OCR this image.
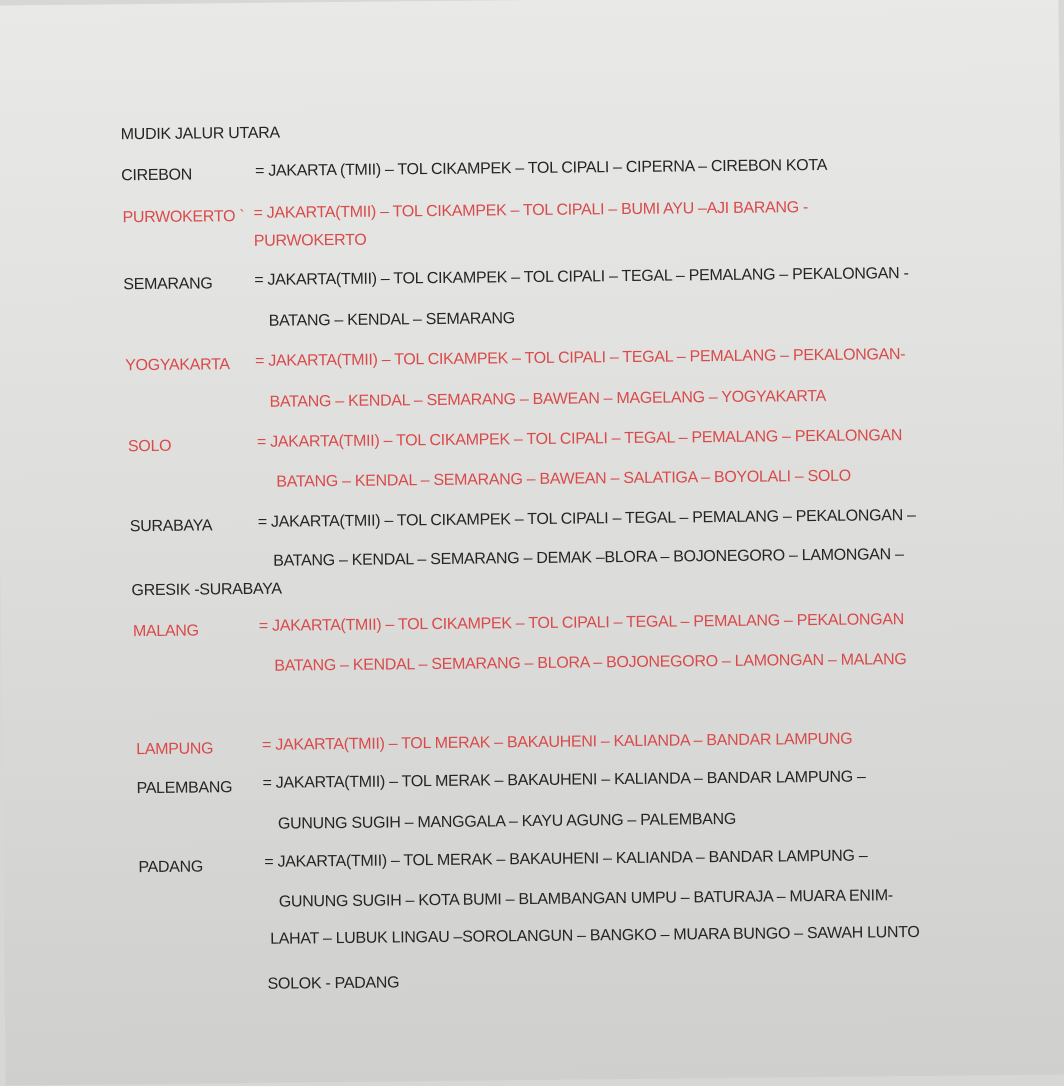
MUDIK JALUR UTARA
CIREBON	= JAKARTA (TMII) – TOL CIKAMPEK – TOL CIPALI – CIPERNA – CIREBON KOTA
PURWOKERTO ` = JAKARTA(TMII) – TOL CIKAMPEK – TOL CIPALI – BUMI AYU –AJI BARANG -
PURWOKERTO
SEMARANG	= JAKARTA(TMII) – TOL CIKAMPEK – TOL CIPALI – TEGAL – PEMALANG – PEKALONGAN -
BATANG – KENDAL – SEMARANG
YOGYAKARTA = JAKARTA(TMII) – TOL CIKAMPEK – TOL CIPALI – TEGAL – PEMALANG – PEKALONGAN-
BATANG – KENDAL – SEMARANG – BAWEAN – MAGELANG – YOGYAKARTA
SOLO	= JAKARTA(TMII) – TOL CIKAMPEK – TOL CIPALI – TEGAL – PEMALANG – PEKALONGAN
BATANG – KENDAL – SEMARANG – BAWEAN – SALATIGA – BOYOLALI – SOLO
SURABAYA	= JAKARTA(TMII) – TOL CIKAMPEK – TOL CIPALI – TEGAL – PEMALANG – PEKALONGAN –
BATANG – KENDAL – SEMARANG – DEMAK –BLORA – BOJONEGORO – LAMONGAN –
GRESIK -SURABAYA
MALANG	= JAKARTA(TMII) – TOL CIKAMPEK – TOL CIPALI – TEGAL – PEMALANG – PEKALONGAN
BATANG – KENDAL – SEMARANG – BLORA – BOJONEGORO – LAMONGAN – MALANG
LAMPUNG	= JAKARTA(TMII) – TOL MERAK – BAKAUHENI – KALIANDA – BANDAR LAMPUNG
PALEMBANG = JAKARTA(TMII) – TOL MERAK – BAKAUHENI – KALIANDA – BANDAR LAMPUNG –
GUNUNG SUGIH – MANGGALA – KAYU AGUNG – PALEMBANG
PADANG	= JAKARTA(TMII) – TOL MERAK – BAKAUHENI – KALIANDA – BANDAR LAMPUNG –
GUNUNG SUGIH – KOTA BUMI – BLAMBANGAN UMPU – BATURAJA – MUARA ENIM-
LAHAT – LUBUK LINGAU –SOROLANGUN – BANGKO – MUARA BUNGO – SAWAH LUNTO
SOLOK - PADANG
